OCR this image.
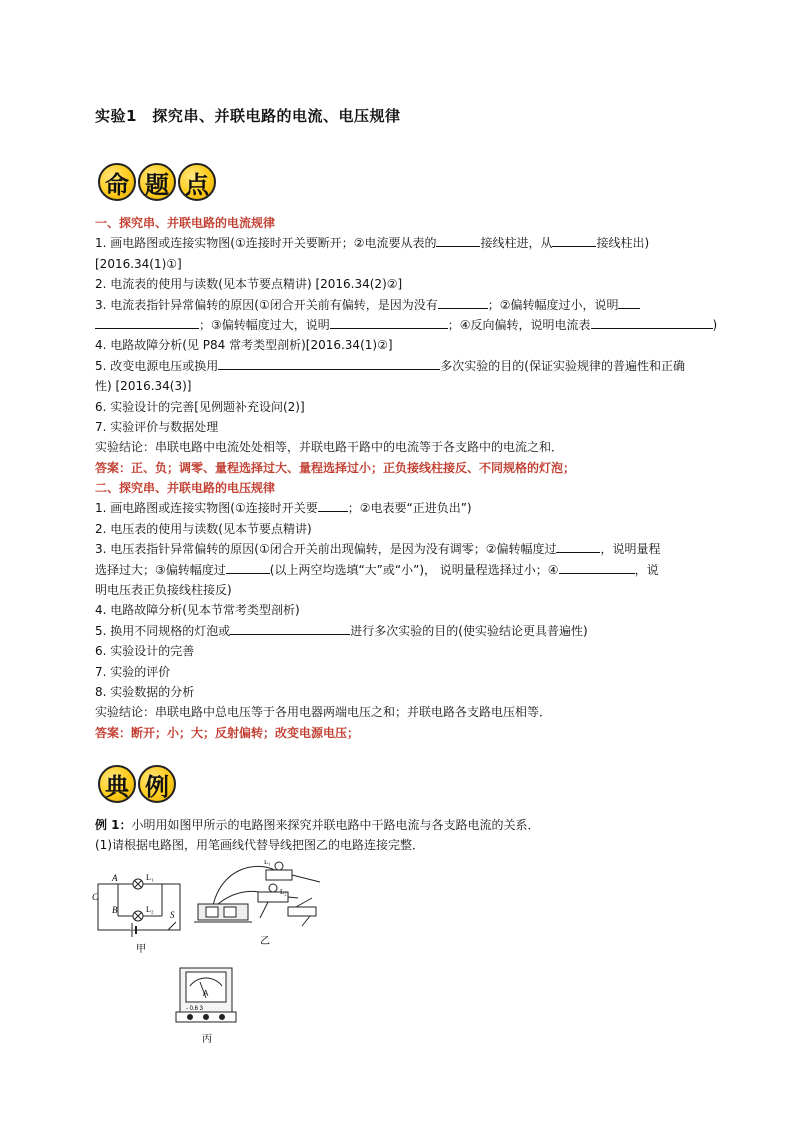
实验1　探究串、并联电路的电流、电压规律
命 题 点
一、探究串、并联电路的电流规律
1. 画电路图或连接实物图(①连接时开关要断开；②电流要从表的	接线柱进，从	接线柱出)
[2016.34(1)①]
2. 电流表的使用与读数(见本节要点精讲) [2016.34(2)②]
3. 电流表指针异常偏转的原因(①闭合开关前有偏转，是因为没有	；②偏转幅度过小，说明
；③偏转幅度过大，说明	；④反向偏转，说明电流表	)
4. 电路故障分析(见 P84 常考类型剖析)[2016.34(1)②]
5. 改变电源电压或换用	多次实验的目的(保证实验规律的普遍性和正确
性) [2016.34(3)]
6. 实验设计的完善[见例题补充设问(2)]
7. 实验评价与数据处理
实验结论：串联电路中电流处处相等，并联电路干路中的电流等于各支路中的电流之和．
答案：正、负；调零、量程选择过大、量程选择过小；正负接线柱接反、不同规格的灯泡；
二、探究串、并联电路的电压规律
1. 画电路图或连接实物图(①连接时开关要	；②电表要“正进负出”)
2. 电压表的使用与读数(见本节要点精讲)
3. 电压表指针异常偏转的原因(①闭合开关前出现偏转，是因为没有调零；②偏转幅度过	，说明量程
选择过大；③偏转幅度过	(以上两空均选填“大”或“小”)， 说明量程选择过小；④	，说
明电压表正负接线柱接反)
4. 电路故障分析(见本节常考类型剖析)
5. 换用不同规格的灯泡或	进行多次实验的目的(使实验结论更具普遍性)
6. 实验设计的完善
7. 实验的评价
8. 实验数据的分析
实验结论：串联电路中总电压等于各用电器两端电压之和；并联电路各支路电压相等．
答案：断开；小；大；反射偏转；改变电源电压；
典 例
例 1：小明用如图甲所示的电路图来探究并联电路中干路电流与各支路电流的关系．
(1)请根据电路图，用笔画线代替导线把图乙的电路连接完整．
A
B
C
S
L₁
L₂
甲
L₁
L₂
乙
A
- 0.6 3
丙
